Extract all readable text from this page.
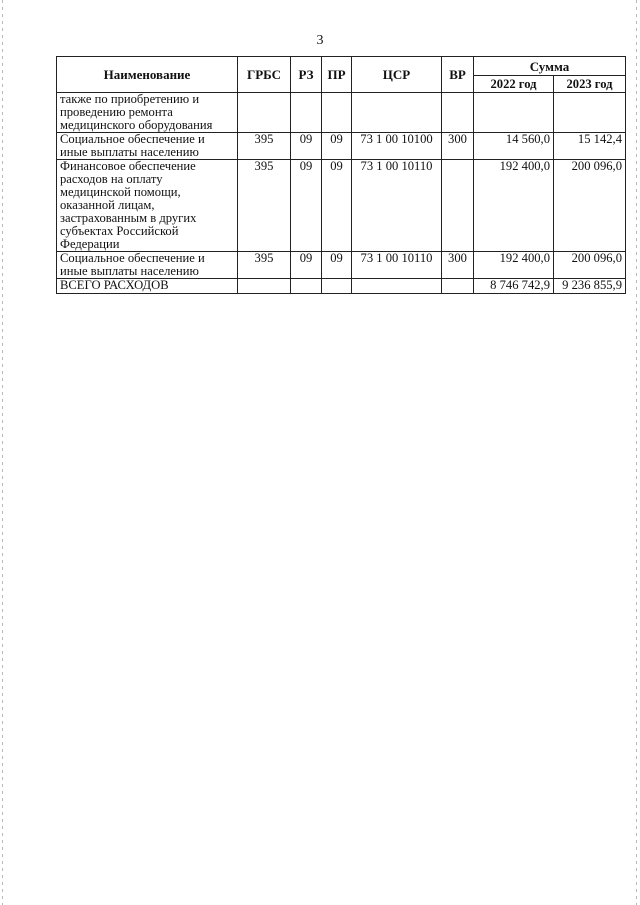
3
Наименование	ГРБС	РЗ	ПР	ЦСР	ВР	Сумма	
						2022 год	2023 год
также по приобретению и проведению ремонта медицинского оборудования							
Социальное обеспечение и иные выплаты населению	395	09	09	73 1 00 10100	300	14 560,0	15 142,4
Финансовое обеспечение расходов на оплату медицинской помощи, оказанной лицам, застрахованным в других субъектах Российской Федерации	395	09	09	73 1 00 10110		192 400,0	200 096,0
Социальное обеспечение и иные выплаты населению	395	09	09	73 1 00 10110	300	192 400,0	200 096,0
ВСЕГО РАСХОДОВ						8 746 742,9	9 236 855,9
